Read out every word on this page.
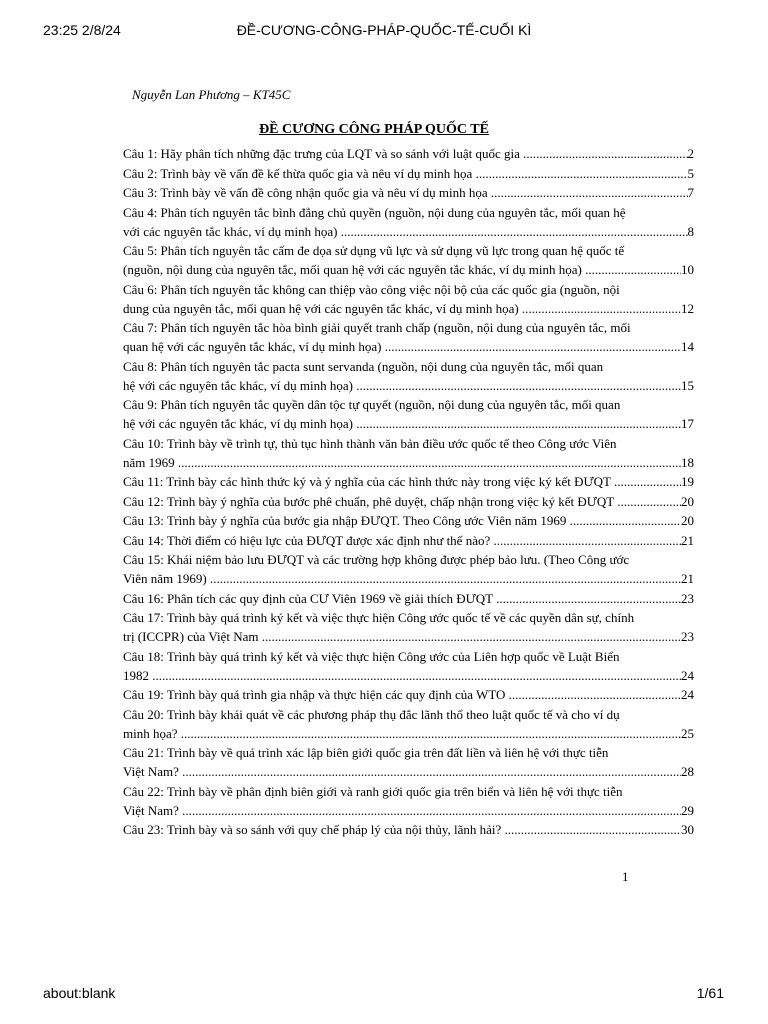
23:25 2/8/24	ĐỀ-CƯƠNG-CÔNG-PHÁP-QUỐC-TẾ-CUỐI KÌ
Nguyễn Lan Phương – KT45C
ĐỀ CƯƠNG CÔNG PHÁP QUỐC TẾ
Câu 1: Hãy phân tích những đặc trưng của LQT và so sánh với luật quốc gia .....	2
Câu 2: Trình bày về vấn đề kế thừa quốc gia và nêu ví dụ minh họa .....	5
Câu 3: Trình bày về vấn đề công nhận quốc gia và nêu ví dụ minh họa .....	7
Câu 4: Phân tích nguyên tắc bình đẳng chủ quyền (nguồn, nội dung của nguyên tắc, mối quan hệ
với các nguyên tắc khác, ví dụ minh họa) .....	8
Câu 5: Phân tích nguyên tắc cấm đe dọa sử dụng vũ lực và sử dụng vũ lực trong quan hệ quốc tế
(nguồn, nội dung của nguyên tắc, mối quan hệ với các nguyên tắc khác, ví dụ minh họa) .....	10
Câu 6: Phân tích nguyên tắc không can thiệp vào công việc nội bộ của các quốc gia (nguồn, nội
dung của nguyên tắc, mối quan hệ với các nguyên tắc khác, ví dụ minh họa) .....	12
Câu 7: Phân tích nguyên tắc hòa bình giải quyết tranh chấp (nguồn, nội dung của nguyên tắc, mối
quan hệ với các nguyên tắc khác, ví dụ minh họa) .....	14
Câu 8: Phân tích nguyên tắc pacta sunt servanda (nguồn, nội dung của nguyên tắc, mối quan
hệ với các nguyên tắc khác, ví dụ minh họa) .....	15
Câu 9: Phân tích nguyên tắc quyền dân tộc tự quyết (nguồn, nội dung của nguyên tắc, mối quan
hệ với các nguyên tắc khác, ví dụ minh họa) .....	17
Câu 10: Trình bày về trình tự, thủ tục hình thành văn bản điều ước quốc tế theo Công ước Viên
năm 1969 .....	18
Câu 11: Trình bày các hình thức ký và ý nghĩa của các hình thức này trong việc ký kết ĐƯQT .....	19
Câu 12: Trình bày ý nghĩa của bước phê chuẩn, phê duyệt, chấp nhận trong việc ký kết ĐƯQT .....	20
Câu 13: Trình bày ý nghĩa của bước gia nhập ĐƯQT. Theo Công ước Viên năm 1969 .....	20
Câu 14: Thời điểm có hiệu lực của ĐƯQT được xác định như thế nào? .....	21
Câu 15: Khái niệm bảo lưu ĐƯQT và các trường hợp không được phép bảo lưu. (Theo Công ước
Viên năm 1969) .....	21
Câu 16: Phân tích các quy định của CƯ Viên 1969 về giải thích ĐƯQT .....	23
Câu 17: Trình bày quá trình ký kết và việc thực hiện Công ước quốc tế về các quyền dân sự, chính
trị (ICCPR) của Việt Nam .....	23
Câu 18: Trình bày quá trình ký kết và việc thực hiện Công ước của Liên hợp quốc về Luật Biển
1982 .....	24
Câu 19: Trình bày quá trình gia nhập và thực hiện các quy định của WTO .....	24
Câu 20: Trình bày khái quát về các phương pháp thụ đắc lãnh thổ theo luật quốc tế và cho ví dụ
minh họa? .....	25
Câu 21: Trình bày về quá trình xác lập biên giới quốc gia trên đất liền và liên hệ với thực tiễn
Việt Nam? .....	28
Câu 22: Trình bày về phân định biên giới và ranh giới quốc gia trên biển và liên hệ với thực tiễn
Việt Nam? .....	29
Câu 23: Trình bày và so sánh với quy chế pháp lý của nội thủy, lãnh hải? .....	30
1
about:blank	1/61
